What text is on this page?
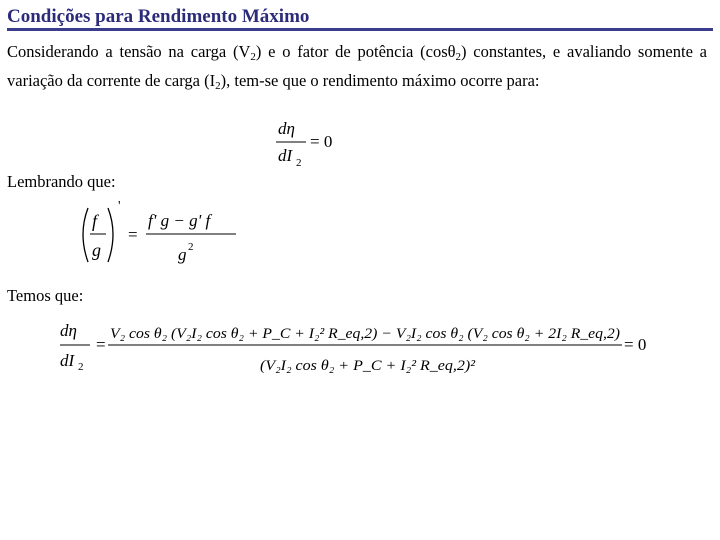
Condições para Rendimento Máximo
Considerando a tensão na carga $(V_2)$ e o fator de potência (cosθ$_2$) constantes, e avaliando somente a variação da corrente de carga $(I_2)$, tem-se que o rendimento máximo ocorre para:
dη
dI 2
= 0
Lembrando que:
f
g
'
=
f' g − g' f
g 2
Temos que:
dη
dI 2
=
V₂ cos θ₂ (V₂I₂ cos θ₂ + P_C + I₂² R_eq,2) − V₂I₂ cos θ₂ (V₂ cos θ₂ + 2I₂ R_eq,2)
(V₂I₂ cos θ₂ + P_C + I₂² R_eq,2)²
= 0
